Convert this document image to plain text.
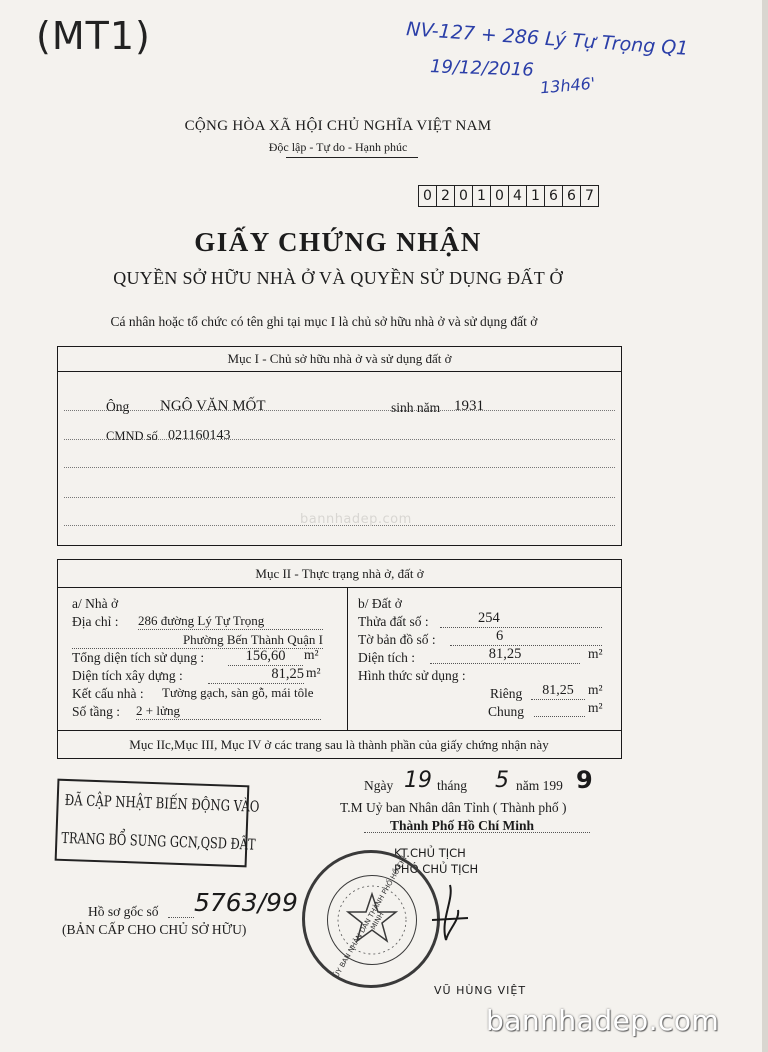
(MT1)	NV-127 + 286 Lý Tự Trọng Q1
19/12/2016
13h46'
CỘNG HÒA XÃ HỘI CHỦ NGHĨA VIỆT NAM
Độc lập - Tự do - Hạnh phúc
0 2 0 1 0 4 1 6 6 7
GIẤY CHỨNG NHẬN
QUYỀN SỞ HỮU NHÀ Ở VÀ QUYỀN SỬ DỤNG ĐẤT Ở
Cá nhân hoặc tổ chức có tên ghi tại mục I là chủ sở hữu nhà ở và sử dụng đất ở
Mục I - Chủ sở hữu nhà ở và sử dụng đất ở
Ông NGÔ VĂN MỐT	sinh năm 1931
CMND số 021160143
bannhadep.com
Mục II - Thực trạng nhà ở, đất ở
a/ Nhà ở
Địa chỉ : 286 đường Lý Tự Trọng
Phường Bến Thành Quận I
Tổng diện tích sử dụng :	156,60	m²
Diện tích xây dựng :	81,25 m²
Kết cấu nhà : Tường gạch, sàn gỗ, mái tôle
Số tầng : 2 + lửng
b/ Đất ở
Thửa đất số :	254
Tờ bản đồ số :	6
Diện tích :	81,25	m²
Hình thức sử dụng :
Riêng	81,25	m²
Chung	m²
Mục IIc,Mục III, Mục IV ở các trang sau là thành phần của giấy chứng nhận này
Ngày 19 tháng 5 năm 199 9
T.M Uỷ ban Nhân dân Tỉnh ( Thành phố )
Thành Phố Hồ Chí Minh
KT.CHỦ TỊCH
PHÓ CHỦ TỊCH
VŨ HÙNG VIỆT
ỦY BAN NHÂN DÂN THÀNH PHỐ HỒ CHÍ MINH
ĐÃ CẬP NHẬT BIẾN ĐỘNG VÀO
TRANG BỔ SUNG GCN,QSD ĐẤT
Hồ sơ gốc số 5763/99
(BẢN CẤP CHO CHỦ SỞ HỮU)
bannhadep.com
